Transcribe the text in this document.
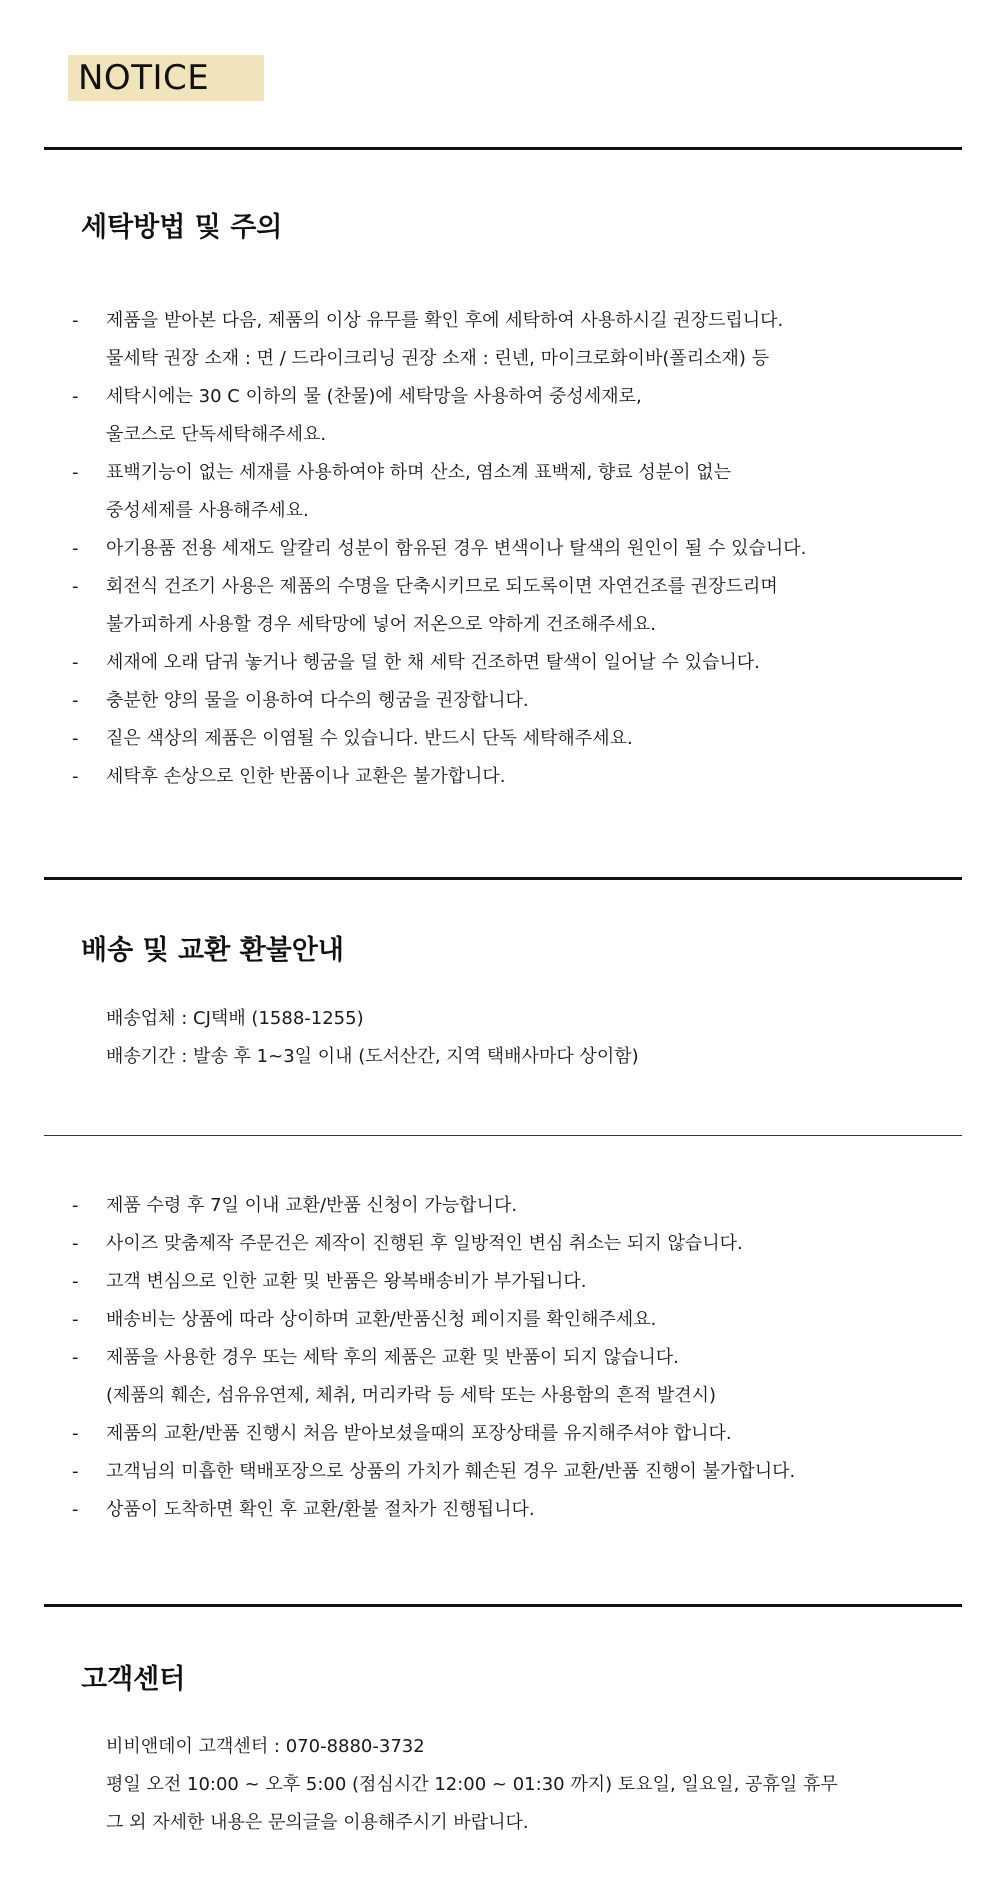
NOTICE
세탁방법 및 주의
-	제품을 받아본 다음, 제품의 이상 유무를 확인 후에 세탁하여 사용하시길 권장드립니다.
물세탁 권장 소재 : 면 / 드라이크리닝 권장 소재 : 린넨, 마이크로화이바(폴리소재) 등
-	세탁시에는 30 C 이하의 물 (찬물)에 세탁망을 사용하여 중성세재로,
울코스로 단독세탁해주세요.
-	표백기능이 없는 세재를 사용하여야 하며 산소, 염소계 표백제, 향료 성분이 없는
중성세제를 사용해주세요.
-	아기용품 전용 세재도 알칼리 성분이 함유된 경우 변색이나 탈색의 원인이 될 수 있습니다.
-	회전식 건조기 사용은 제품의 수명을 단축시키므로 되도록이면 자연건조를 권장드리며
불가피하게 사용할 경우 세탁망에 넣어 저온으로 약하게 건조해주세요.
-	세재에 오래 담궈 놓거나 헹굼을 덜 한 채 세탁 건조하면 탈색이 일어날 수 있습니다.
-	충분한 양의 물을 이용하여 다수의 헹굼을 권장합니다.
-	짙은 색상의 제품은 이염될 수 있습니다. 반드시 단독 세탁해주세요.
-	세탁후 손상으로 인한 반품이나 교환은 불가합니다.
배송 및 교환 환불안내
배송업체 : CJ택배 (1588-1255)
배송기간 : 발송 후 1~3일 이내 (도서산간, 지역 택배사마다 상이함)
-	제품 수령 후 7일 이내 교환/반품 신청이 가능합니다.
-	사이즈 맞춤제작 주문건은 제작이 진행된 후 일방적인 변심 취소는 되지 않습니다.
-	고객 변심으로 인한 교환 및 반품은 왕복배송비가 부가됩니다.
-	배송비는 상품에 따라 상이하며 교환/반품신청 페이지를 확인해주세요.
-	제품을 사용한 경우 또는 세탁 후의 제품은 교환 및 반품이 되지 않습니다.
(제품의 훼손, 섬유유연제, 체취, 머리카락 등 세탁 또는 사용함의 흔적 발견시)
-	제품의 교환/반품 진행시 처음 받아보셨을때의 포장상태를 유지해주셔야 합니다.
-	고객님의 미흡한 택배포장으로 상품의 가치가 훼손된 경우 교환/반품 진행이 불가합니다.
-	상품이 도착하면 확인 후 교환/환불 절차가 진행됩니다.
고객센터
비비앤데이 고객센터 : 070-8880-3732
평일 오전 10:00 ~ 오후 5:00 (점심시간 12:00 ~ 01:30 까지) 토요일, 일요일, 공휴일 휴무
그 외 자세한 내용은 문의글을 이용해주시기 바랍니다.
